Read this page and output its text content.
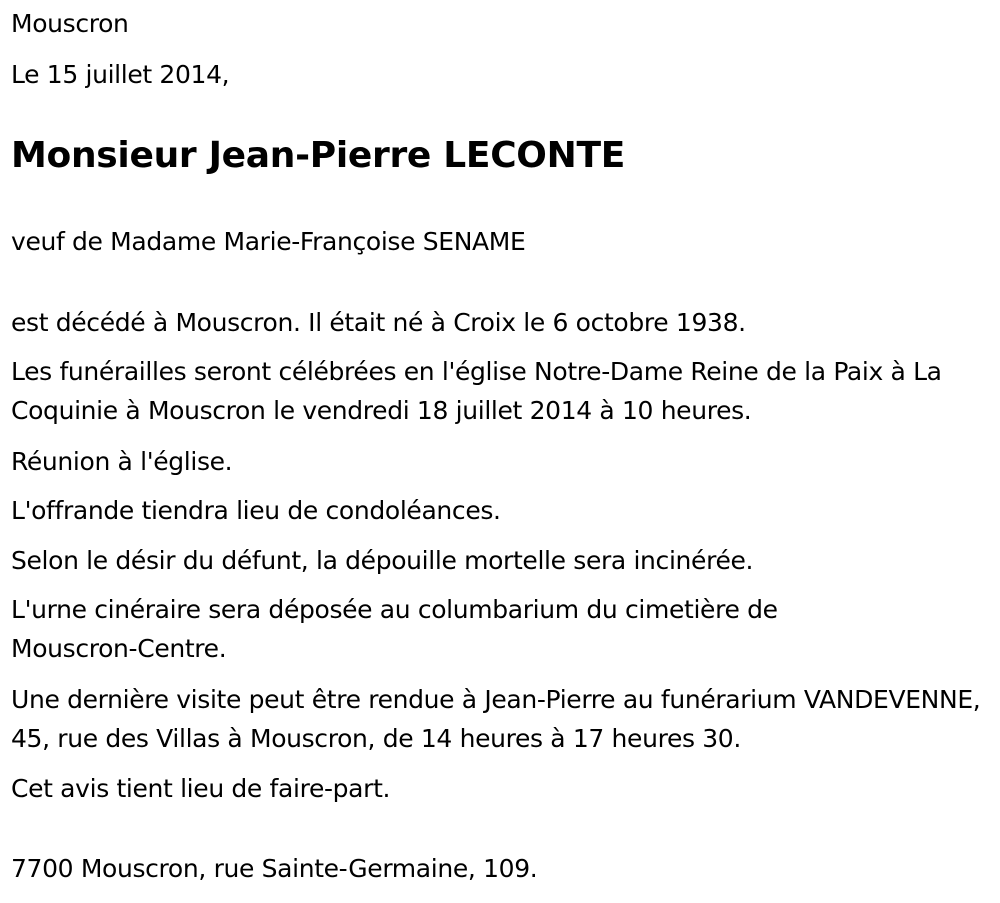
Mouscron

Le 15 juillet 2014,

Monsieur Jean-Pierre LECONTE

veuf de Madame Marie-Françoise SENAME

est décédé à Mouscron. Il était né à Croix le 6 octobre 1938.

Les funérailles seront célébrées en l'église Notre-Dame Reine de la Paix à La Coquinie à Mouscron le vendredi 18 juillet 2014 à 10 heures.

Réunion à l'église.

L'offrande tiendra lieu de condoléances.

Selon le désir du défunt, la dépouille mortelle sera incinérée.

L'urne cinéraire sera déposée au columbarium du cimetière de Mouscron-Centre.

Une dernière visite peut être rendue à Jean-Pierre au funérarium VANDEVENNE, 45, rue des Villas à Mouscron, de 14 heures à 17 heures 30.

Cet avis tient lieu de faire-part.

7700 Mouscron, rue Sainte-Germaine, 109.
